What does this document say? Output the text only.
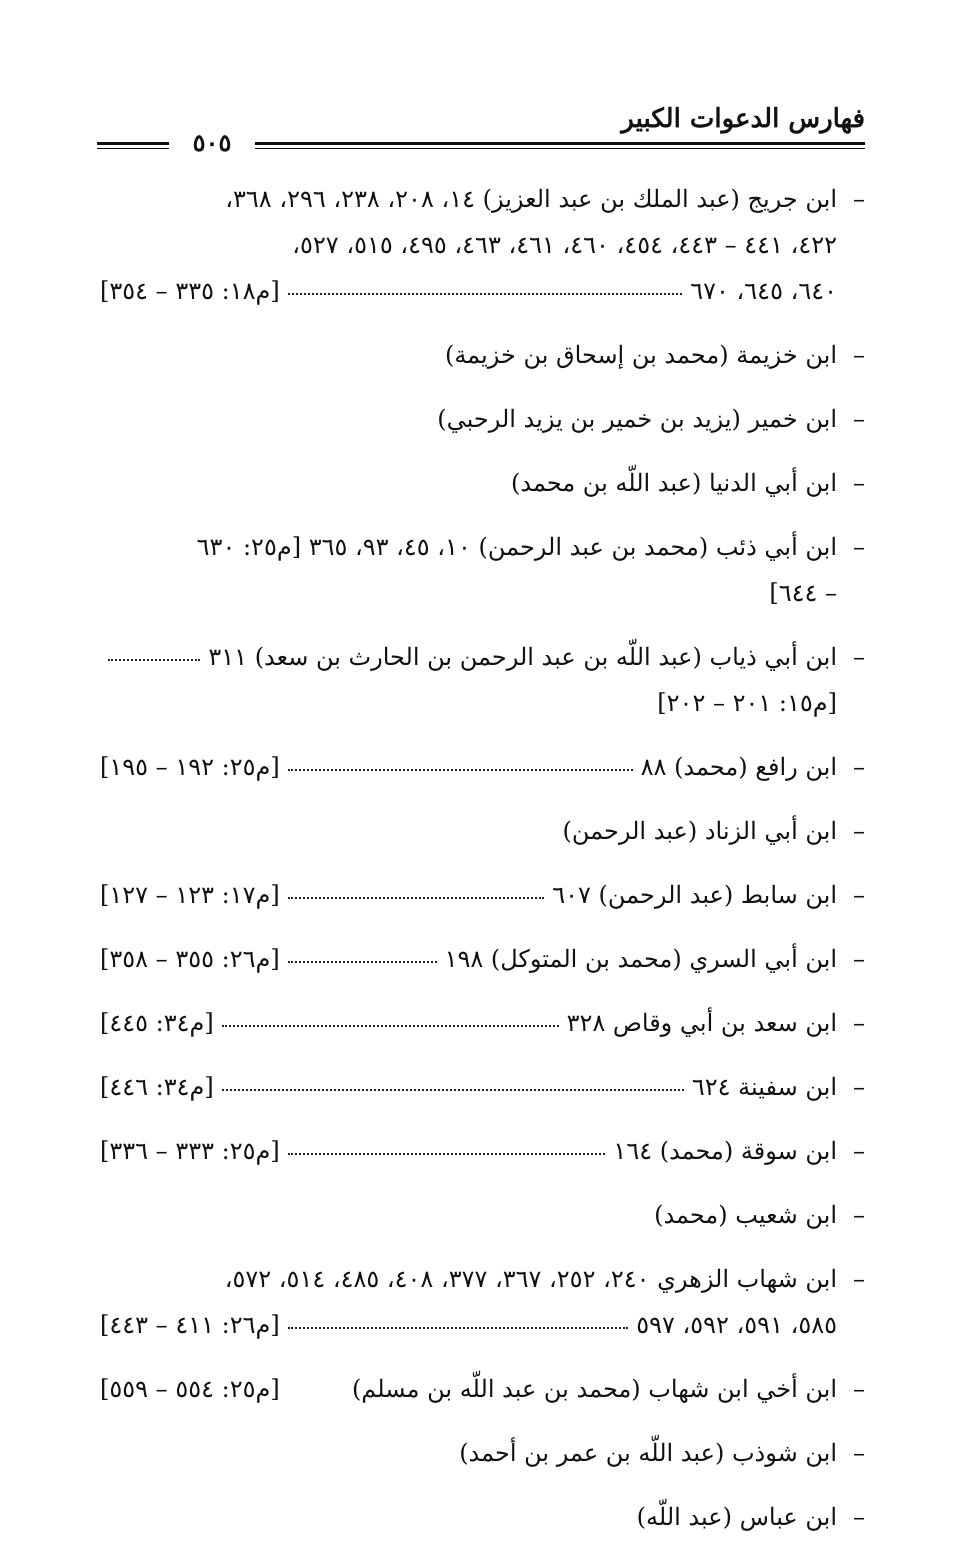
فهارس الدعوات الكبير
٥٠٥
–
ابن جريج (عبد الملك بن عبد العزيز) ١٤، ٢٠٨، ٢٣٨، ٢٩٦، ٣٦٨،
٤٢٢، ٤٤١ – ٤٤٣، ٤٥٤، ٤٦٠، ٤٦١، ٤٦٣، ٤٩٥، ٥١٥، ٥٢٧،
٦٤٠، ٦٤٥، ٦٧٠
[م١٨: ٣٣٥ – ٣٥٤]
–
ابن خزيمة (محمد بن إسحاق بن خزيمة)
–
ابن خمير (يزيد بن خمير بن يزيد الرحبي)
–
ابن أبي الدنيا (عبد اللّه بن محمد)
–
ابن أبي ذئب (محمد بن عبد الرحمن) ١٠، ٤٥، ٩٣، ٣٦٥ [م٢٥: ٦٣٠
– ٦٤٤]
–
ابن أبي ذياب (عبد اللّه بن عبد الرحمن بن الحارث بن سعد) ٣١١
[م١٥: ٢٠١ – ٢٠٢]
–
ابن رافع (محمد) ٨٨
[م٢٥: ١٩٢ – ١٩٥]
–
ابن أبي الزناد (عبد الرحمن)
–
ابن سابط (عبد الرحمن) ٦٠٧
[م١٧: ١٢٣ – ١٢٧]
–
ابن أبي السري (محمد بن المتوكل) ١٩٨
[م٢٦: ٣٥٥ – ٣٥٨]
–
ابن سعد بن أبي وقاص ٣٢٨
[م٣٤: ٤٤٥]
–
ابن سفينة ٦٢٤
[م٣٤: ٤٤٦]
–
ابن سوقة (محمد) ١٦٤
[م٢٥: ٣٣٣ – ٣٣٦]
–
ابن شعيب (محمد)
–
ابن شهاب الزهري ٢٤٠، ٢٥٢، ٣٦٧، ٣٧٧، ٤٠٨، ٤٨٥، ٥١٤، ٥٧٢،
٥٨٥، ٥٩١، ٥٩٢، ٥٩٧
[م٢٦: ٤١١ – ٤٤٣]
–
ابن أخي ابن شهاب (محمد بن عبد اللّه بن مسلم)
[م٢٥: ٥٥٤ – ٥٥٩]
–
ابن شوذب (عبد اللّه بن عمر بن أحمد)
–
ابن عباس (عبد اللّه)
